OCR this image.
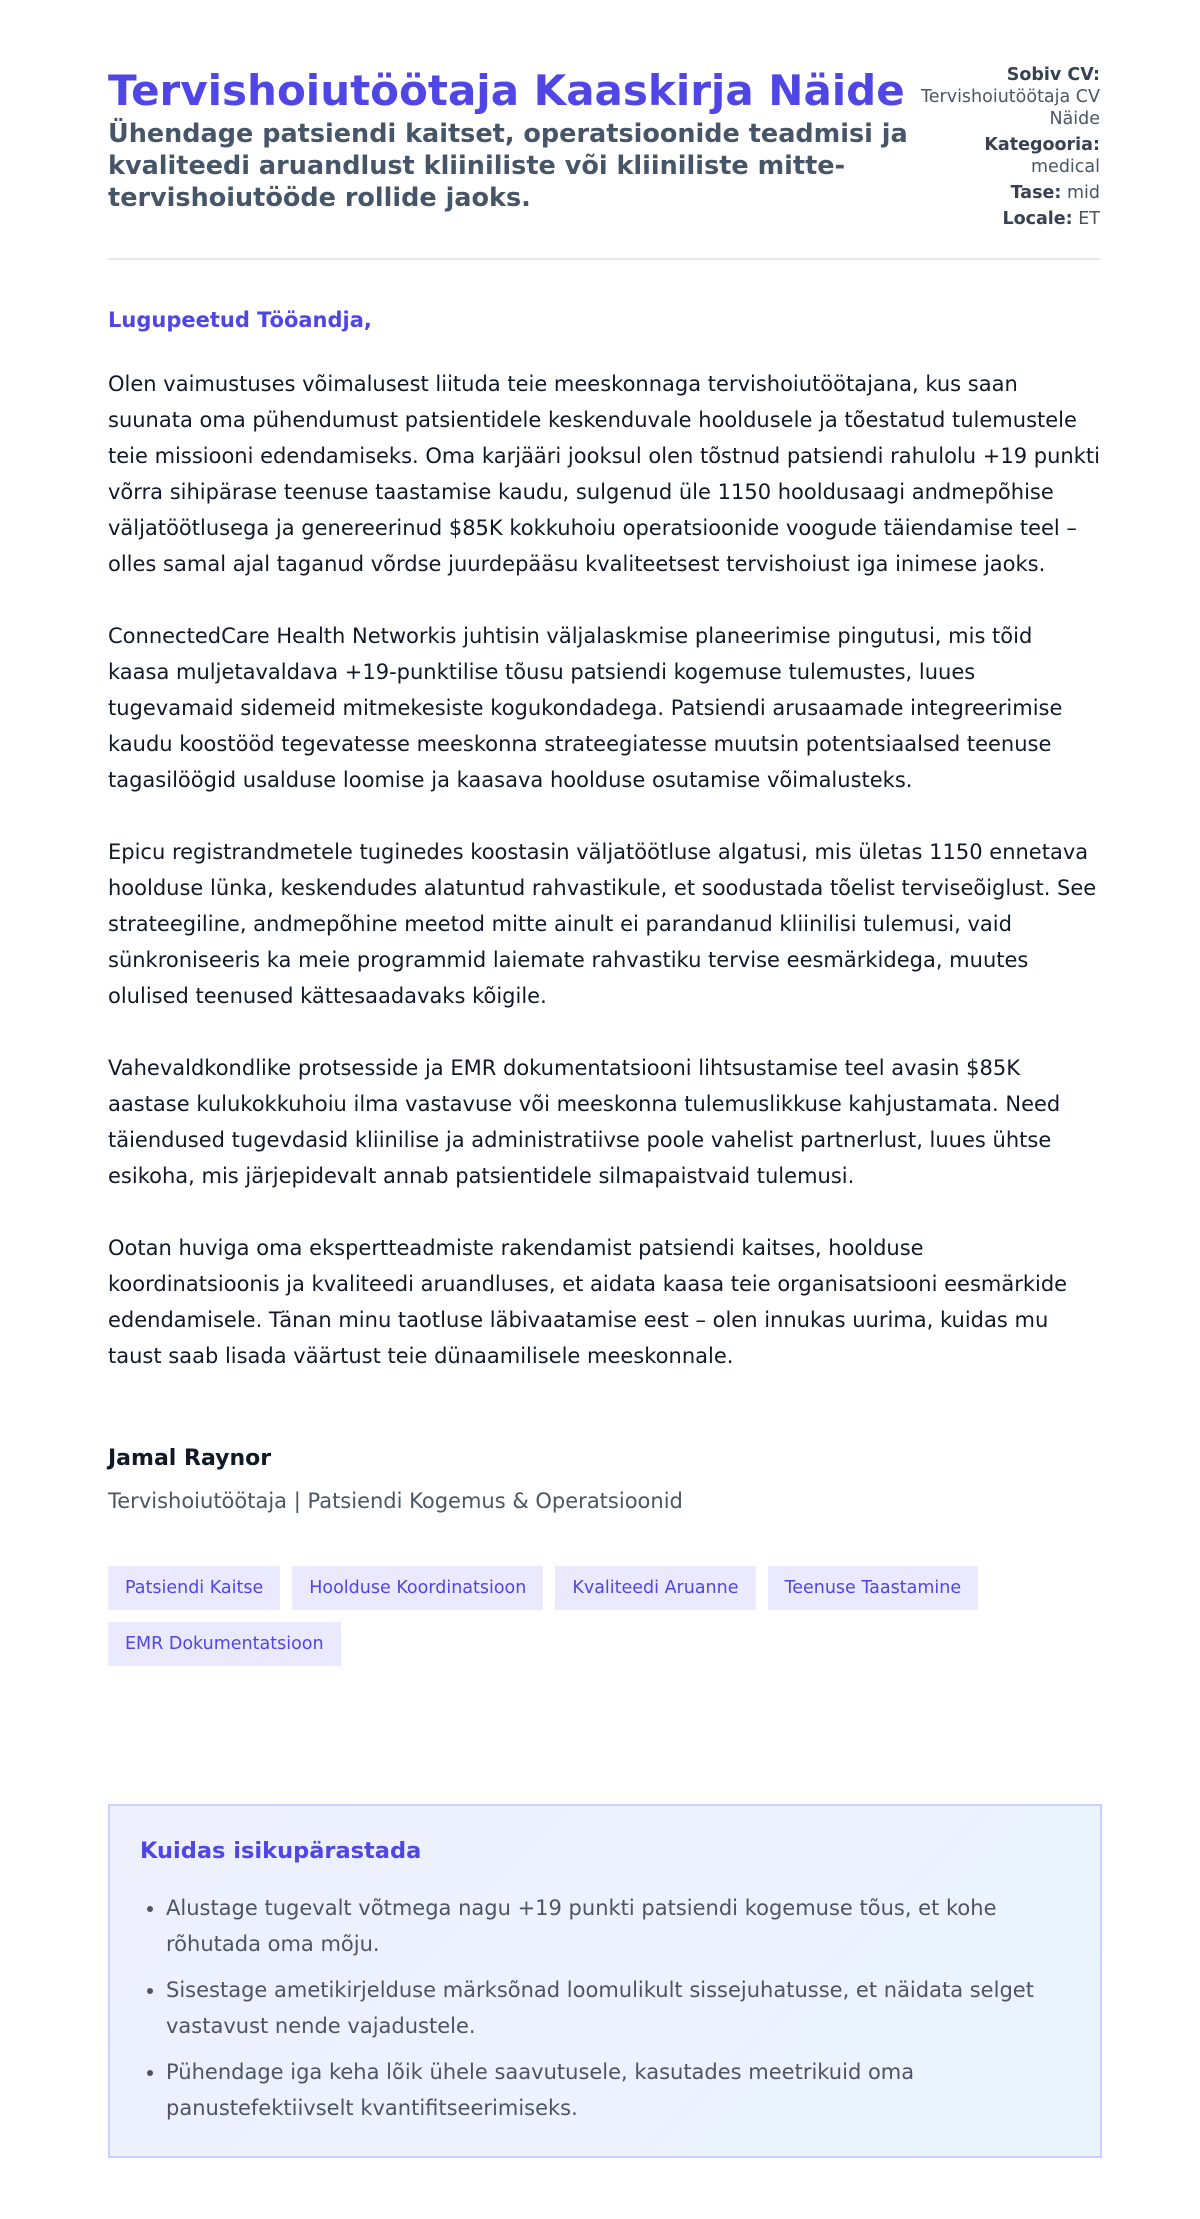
Tervishoiutöötaja Kaaskirja Näide

Ühendage patsiendi kaitset, operatsioonide teadmisi ja kvaliteedi aruandlust kliiniliste või kliiniliste mitte-tervishoiutööde rollide jaoks.

Sobiv CV:
Tervishoiutöötaja CV Näide
Kategooria:
medical
Tase: mid
Locale: ET

Lugupeetud Tööandja,

Olen vaimustuses võimalusest liituda teie meeskonnaga tervishoiutöötajana, kus saan suunata oma pühendumust patsientidele keskenduvale hooldusele ja tõestatud tulemustele teie missiooni edendamiseks. Oma karjääri jooksul olen tõstnud patsiendi rahulolu +19 punkti võrra sihipärase teenuse taastamise kaudu, sulgenud üle 1150 hooldusaagi andmepõhise väljatöötlusega ja genereerinud $85K kokkuhoiu operatsioonide voogude täiendamise teel – olles samal ajal taganud võrdse juurdepääsu kvaliteetsest tervishoiust iga inimese jaoks.

ConnectedCare Health Networkis juhtisin väljalaskmise planeerimise pingutusi, mis tõid kaasa muljetavaldava +19-punktilise tõusu patsiendi kogemuse tulemustes, luues tugevamaid sidemeid mitmekesiste kogukondadega. Patsiendi arusaamade integreerimise kaudu koostööd tegevatesse meeskonna strateegiatesse muutsin potentsiaalsed teenuse tagasilöögid usalduse loomise ja kaasava hoolduse osutamise võimalusteks.

Epicu registrandmetele tuginedes koostasin väljatöötluse algatusi, mis ületas 1150 ennetava hoolduse lünka, keskendudes alatuntud rahvastikule, et soodustada tõelist terviseõiglust. See strateegiline, andmepõhine meetod mitte ainult ei parandanud kliinilisi tulemusi, vaid sünkroniseeris ka meie programmid laiemate rahvastiku tervise eesmärkidega, muutes olulised teenused kättesaadavaks kõigile.

Vahevaldkondlike protsesside ja EMR dokumentatsiooni lihtsustamise teel avasin $85K aastase kulukokkuhoiu ilma vastavuse või meeskonna tulemuslikkuse kahjustamata. Need täiendused tugevdasid kliinilise ja administratiivse poole vahelist partnerlust, luues ühtse esikoha, mis järjepidevalt annab patsientidele silmapaistvaid tulemusi.

Ootan huviga oma ekspertteadmiste rakendamist patsiendi kaitses, hoolduse koordinatsioonis ja kvaliteedi aruandluses, et aidata kaasa teie organisatsiooni eesmärkide edendamisele. Tänan minu taotluse läbivaatamise eest – olen innukas uurima, kuidas mu taust saab lisada väärtust teie dünaamilisele meeskonnale.

Jamal Raynor

Tervishoiutöötaja | Patsiendi Kogemus & Operatsioonid

Patsiendi Kaitse	Hoolduse Koordinatsioon	Kvaliteedi Aruanne	Teenuse Taastamine
EMR Dokumentatsioon

Kuidas isikupärastada

• Alustage tugevalt võtmega nagu +19 punkti patsiendi kogemuse tõus, et kohe rõhutada oma mõju.
• Sisestage ametikirjelduse märksõnad loomulikult sissejuhatusse, et näidata selget vastavust nende vajadustele.
• Pühendage iga keha lõik ühele saavutusele, kasutades meetrikuid oma panustefektiivselt kvantifitseerimiseks.
